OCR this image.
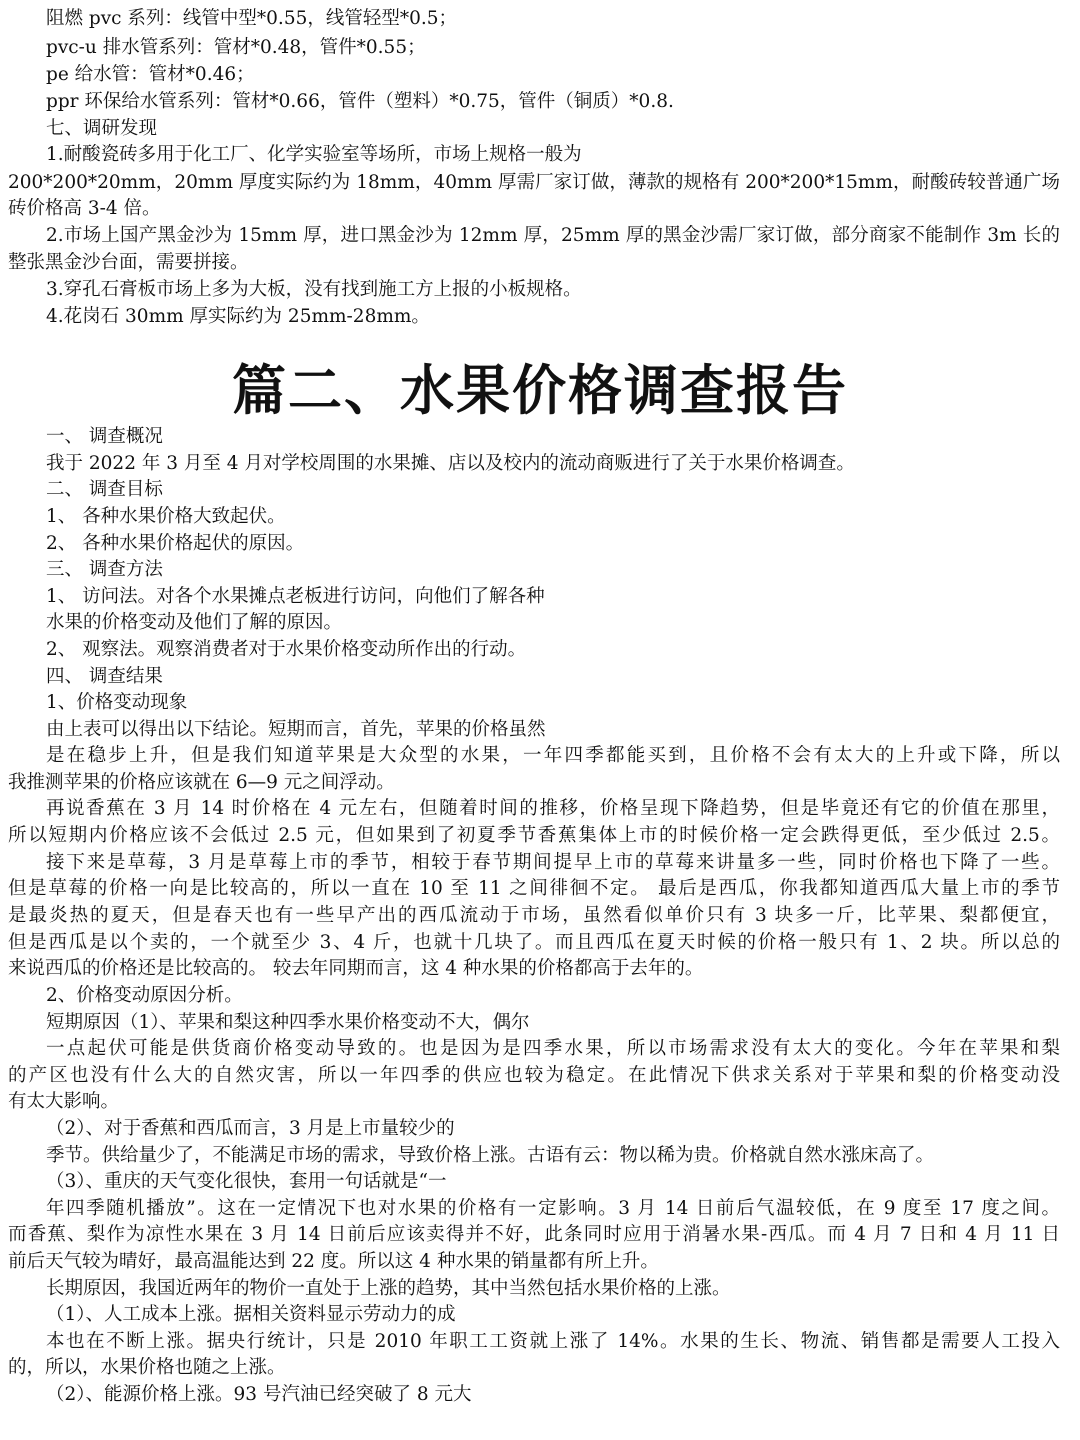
阻燃 pvc 系列：线管中型*0.55，线管轻型*0.5；
pvc-u 排水管系列：管材*0.48，管件*0.55；
pe 给水管：管材*0.46；
ppr 环保给水管系列：管材*0.66，管件（塑料）*0.75，管件（铜质）*0.8.
七、调研发现
1.耐酸瓷砖多用于化工厂、化学实验室等场所，市场上规格一般为
200*200*20mm，20mm 厚度实际约为 18mm，40mm 厚需厂家订做，薄款的规格有 200*200*15mm，耐酸砖较普通广场
砖价格高 3-4 倍。
2.市场上国产黑金沙为 15mm 厚，进口黑金沙为 12mm 厚，25mm 厚的黑金沙需厂家订做，部分商家不能制作 3m 长的
整张黑金沙台面，需要拼接。
3.穿孔石膏板市场上多为大板，没有找到施工方上报的小板规格。
4.花岗石 30mm 厚实际约为 25mm-28mm。
篇二、水果价格调查报告
一、 调查概况
我于 2022 年 3 月至 4 月对学校周围的水果摊、店以及校内的流动商贩进行了关于水果价格调查。
二、 调查目标
1、 各种水果价格大致起伏。
2、 各种水果价格起伏的原因。
三、 调查方法
1、 访问法。对各个水果摊点老板进行访问，向他们了解各种
水果的价格变动及他们了解的原因。
2、 观察法。观察消费者对于水果价格变动所作出的行动。
四、 调查结果
1、价格变动现象
由上表可以得出以下结论。短期而言，首先，苹果的价格虽然
是在稳步上升，但是我们知道苹果是大众型的水果，一年四季都能买到，且价格不会有太大的上升或下降，所以
我推测苹果的价格应该就在 6—9 元之间浮动。
再说香蕉在 3 月 14 时价格在 4 元左右，但随着时间的推移，价格呈现下降趋势，但是毕竟还有它的价值在那里，
所以短期内价格应该不会低过 2.5 元，但如果到了初夏季节香蕉集体上市的时候价格一定会跌得更低，至少低过 2.5。
接下来是草莓，3 月是草莓上市的季节，相较于春节期间提早上市的草莓来讲量多一些，同时价格也下降了一些。
但是草莓的价格一向是比较高的，所以一直在 10 至 11 之间徘徊不定。 最后是西瓜，你我都知道西瓜大量上市的季节
是最炎热的夏天，但是春天也有一些早产出的西瓜流动于市场，虽然看似单价只有 3 块多一斤，比苹果、梨都便宜，
但是西瓜是以个卖的，一个就至少 3、4 斤，也就十几块了。而且西瓜在夏天时候的价格一般只有 1、2 块。所以总的
来说西瓜的价格还是比较高的。 较去年同期而言，这 4 种水果的价格都高于去年的。
2、价格变动原因分析。
短期原因（1）、苹果和梨这种四季水果价格变动不大，偶尔
一点起伏可能是供货商价格变动导致的。也是因为是四季水果，所以市场需求没有太大的变化。今年在苹果和梨
的产区也没有什么大的自然灾害，所以一年四季的供应也较为稳定。在此情况下供求关系对于苹果和梨的价格变动没
有太大影响。
（2）、对于香蕉和西瓜而言，3 月是上市量较少的
季节。供给量少了，不能满足市场的需求，导致价格上涨。古语有云：物以稀为贵。价格就自然水涨床高了。
（3）、重庆的天气变化很快，套用一句话就是“一
年四季随机播放”。这在一定情况下也对水果的价格有一定影响。3 月 14 日前后气温较低，在 9 度至 17 度之间。
而香蕉、梨作为凉性水果在 3 月 14 日前后应该卖得并不好，此条同时应用于消暑水果-西瓜。而 4 月 7 日和 4 月 11 日
前后天气较为晴好，最高温能达到 22 度。所以这 4 种水果的销量都有所上升。
长期原因，我国近两年的物价一直处于上涨的趋势，其中当然包括水果价格的上涨。
（1）、人工成本上涨。据相关资料显示劳动力的成
本也在不断上涨。据央行统计，只是 2010 年职工工资就上涨了 14%。水果的生长、物流、销售都是需要人工投入
的，所以，水果价格也随之上涨。
（2）、能源价格上涨。93 号汽油已经突破了 8 元大
